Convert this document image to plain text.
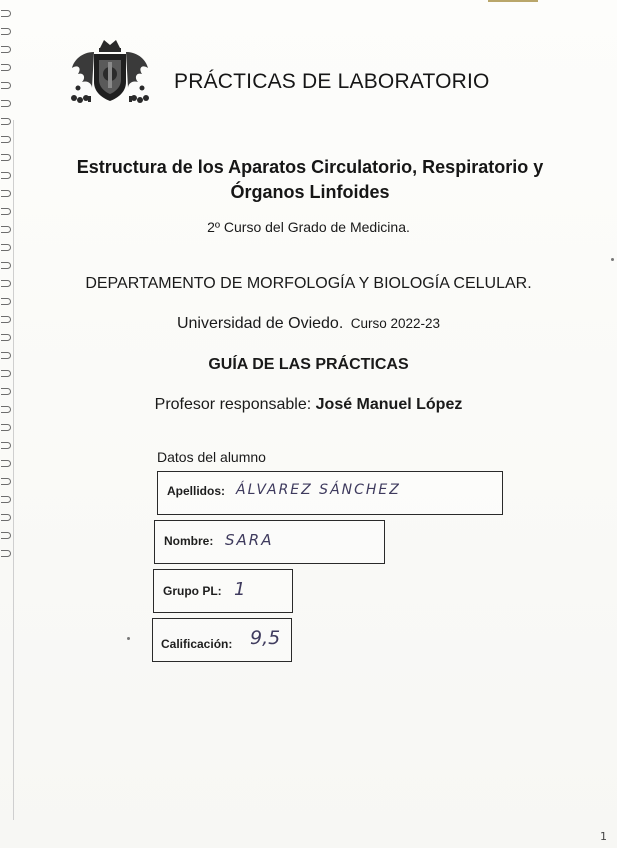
PRÁCTICAS DE LABORATORIO
Estructura de los Aparatos Circulatorio, Respiratorio y
Órganos Linfoides
2º Curso del Grado de Medicina.
DEPARTAMENTO DE MORFOLOGÍA Y BIOLOGÍA CELULAR.
Universidad de Oviedo. Curso 2022-23
GUÍA DE LAS PRÁCTICAS
Profesor responsable: José Manuel López
Datos del alumno
Apellidos: ÁLVAREZ SÁNCHEZ
Nombre: SARA
Grupo PL: 1
Calificación: 9,5
1
